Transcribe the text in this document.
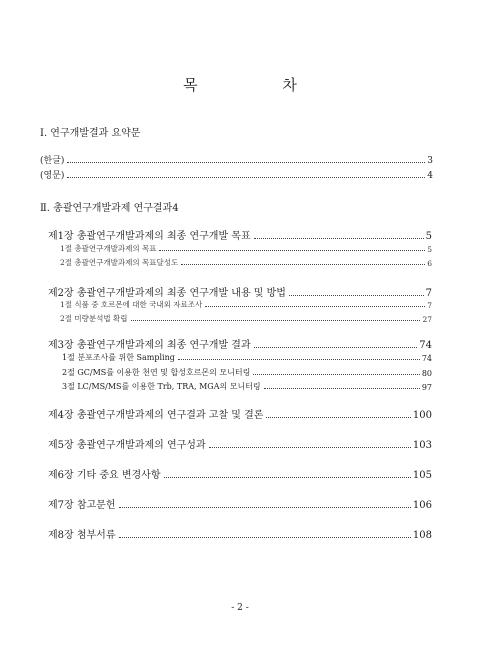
목 차
Ⅰ. 연구개발결과 요약문
(한글)	3
(영문)	4
Ⅱ. 총괄연구개발과제 연구결과4
제1장 총괄연구개발과제의 최종 연구개발 목표	5
1절 총괄연구개발과제의 목표	5
2절 총괄연구개발과제의 목표달성도	6
제2장 총괄연구개발과제의 최종 연구개발 내용 및 방법	7
1절 식품 중 호르몬에 대한 국내외 자료조사	7
2절 미량분석법 확립	27
제3장 총괄연구개발과제의 최종 연구개발 결과	74
1절 분포조사를 위한 Sampling	74
2절 GC/MS를 이용한 천연 및 합성호르몬의 모니터링	80
3절 LC/MS/MS를 이용한 Trb, TRA, MGA의 모니터링	97
제4장 총괄연구개발과제의 연구결과 고찰 및 결론	100
제5장 총괄연구개발과제의 연구성과	103
제6장 기타 중요 변경사항	105
제7장 참고문헌	106
제8장 첨부서류	108
- 2 -
